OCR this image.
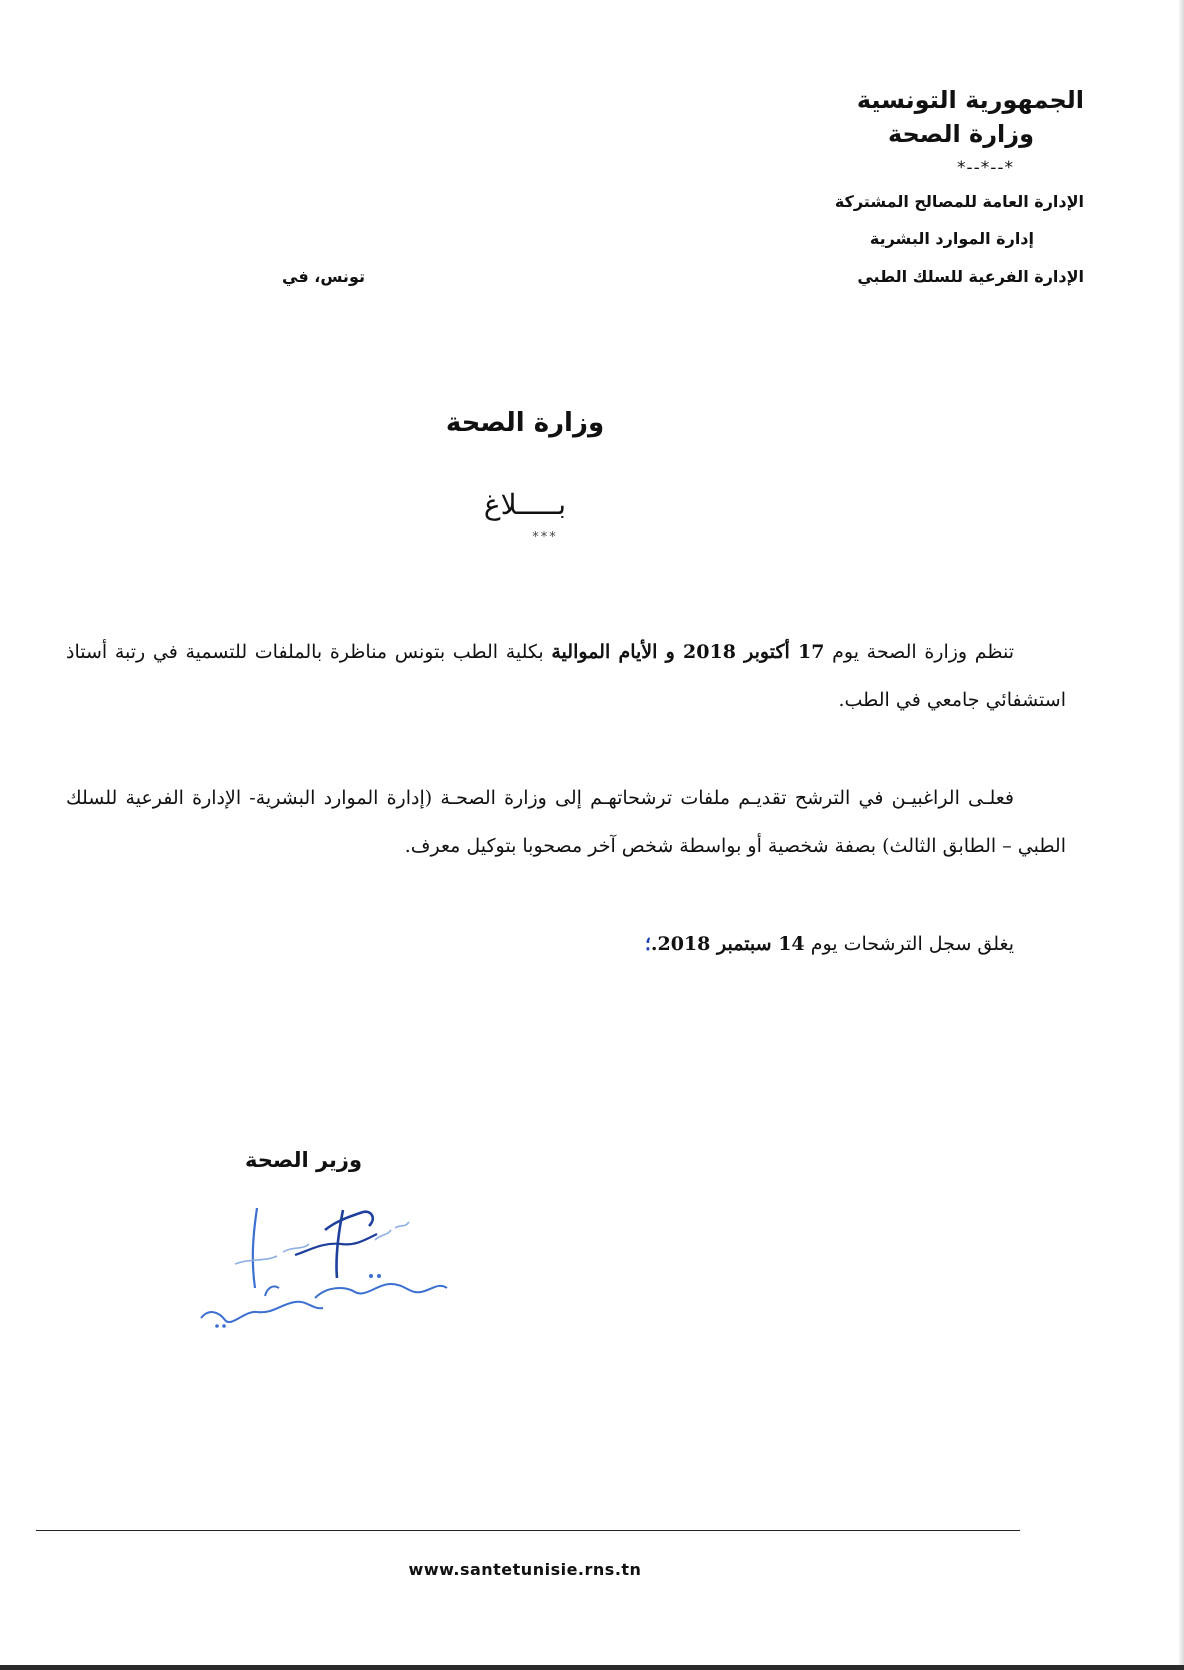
الجمهورية التونسية
وزارة الصحة
*--*--*
الإدارة العامة للمصالح المشتركة
إدارة الموارد البشرية
الإدارة الفرعية للسلك الطبي
تونس، في
وزارة الصحة
بـــــلاغ
***
تنظم وزارة الصحة يوم 17 أكتوبر 2018 و الأيام الموالية بكلية الطب بتونس مناظرة بالملفات للتسمية في رتبة أستاذ استشفائي جامعي في الطب.
فعلـى الراغبيـن في الترشح تقديـم ملفات ترشحاتهـم إلى وزارة الصحـة (إدارة الموارد البشرية- الإدارة الفرعية للسلك الطبي – الطابق الثالث) بصفة شخصية أو بواسطة شخص آخر مصحوبا بتوكيل معرف.
يغلق سجل الترشحات يوم 14 سبتمبر 2018.؛
وزير الصحة
www.santetunisie.rns.tn
